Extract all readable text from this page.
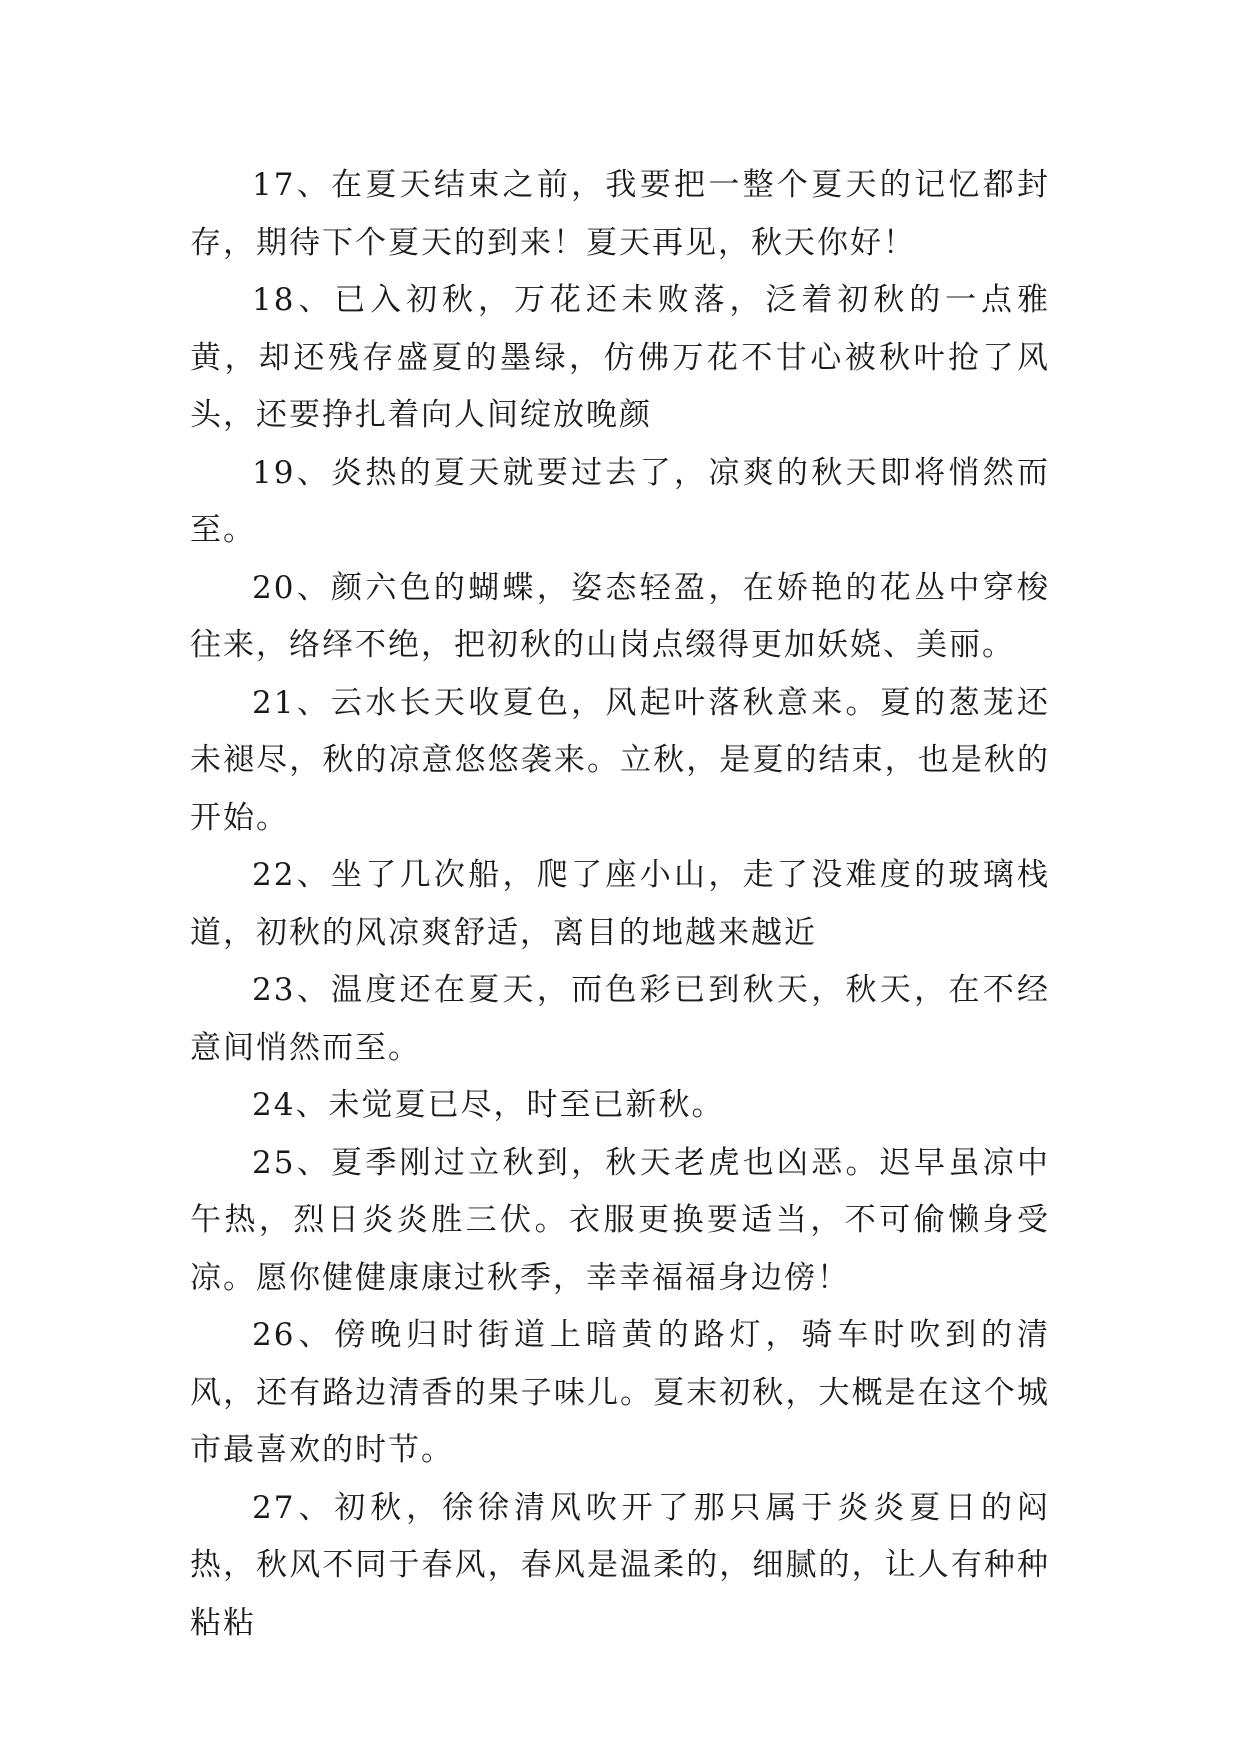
17、在夏天结束之前，我要把一整个夏天的记忆都封存，期待下个夏天的到来！夏天再见，秋天你好！

18、已入初秋，万花还未败落，泛着初秋的一点雅黄，却还残存盛夏的墨绿，仿佛万花不甘心被秋叶抢了风头，还要挣扎着向人间绽放晚颜

19、炎热的夏天就要过去了，凉爽的秋天即将悄然而至。

20、颜六色的蝴蝶，姿态轻盈，在娇艳的花丛中穿梭往来，络绎不绝，把初秋的山岗点缀得更加妖娆、美丽。

21、云水长天收夏色，风起叶落秋意来。夏的葱茏还未褪尽，秋的凉意悠悠袭来。立秋，是夏的结束，也是秋的开始。

22、坐了几次船，爬了座小山，走了没难度的玻璃栈道，初秋的风凉爽舒适，离目的地越来越近

23、温度还在夏天，而色彩已到秋天，秋天，在不经意间悄然而至。

24、未觉夏已尽，时至已新秋。

25、夏季刚过立秋到，秋天老虎也凶恶。迟早虽凉中午热，烈日炎炎胜三伏。衣服更换要适当，不可偷懒身受凉。愿你健健康康过秋季，幸幸福福身边傍！

26、傍晚归时街道上暗黄的路灯，骑车时吹到的清风，还有路边清香的果子味儿。夏末初秋，大概是在这个城市最喜欢的时节。

27、初秋，徐徐清风吹开了那只属于炎炎夏日的闷热，秋风不同于春风，春风是温柔的，细腻的，让人有种种粘粘
